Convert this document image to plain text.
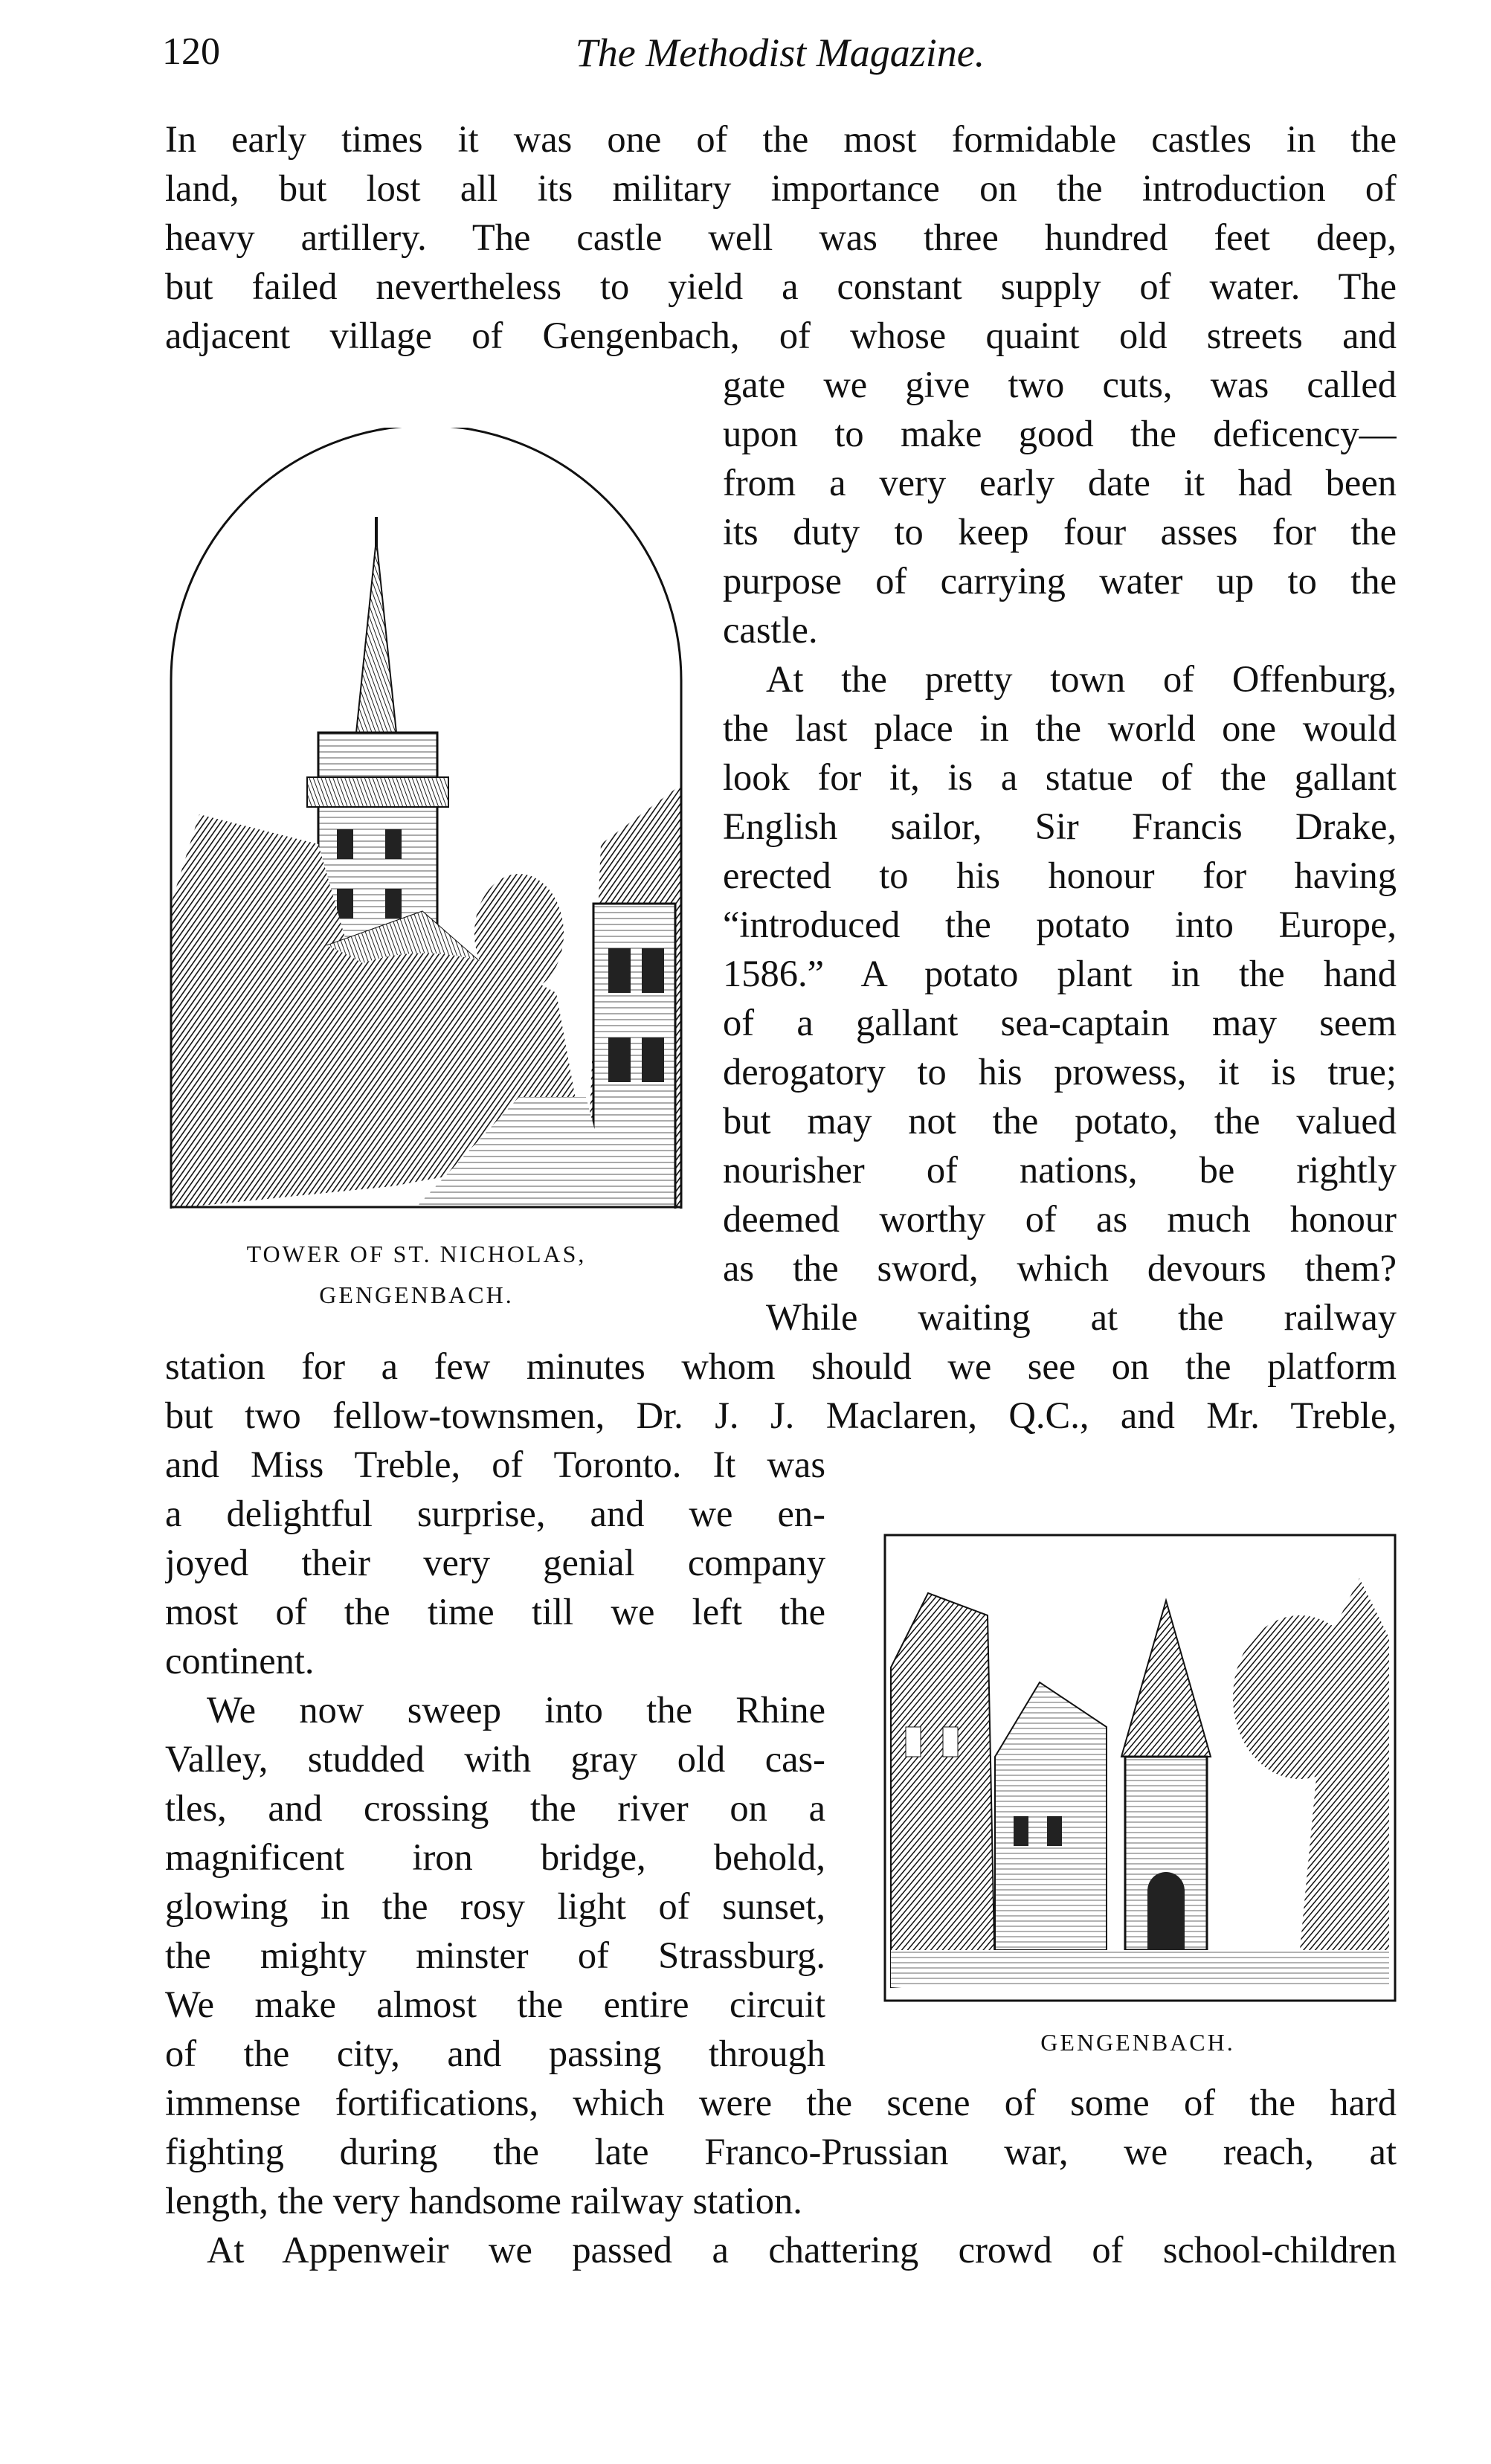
120	The Methodist Magazine.
In early times it was one of the most formidable castles in the
land, but lost all its military importance on the introduction of
heavy artillery. The castle well was three hundred feet deep,
but failed nevertheless to yield a constant supply of water. The
adjacent village of Gengenbach, of whose quaint old streets and
gate we give two cuts, was called
upon to make good the deficency—
from a very early date it had been
its duty to keep four asses for the
purpose of carrying water up to the
castle.
At the pretty town of Offenburg,
the last place in the world one would
look for it, is a statue of the gallant
English sailor, Sir Francis Drake,
erected to his honour for having
“introduced the potato into Europe,
1586.” A potato plant in the hand
of a gallant sea-captain may seem
derogatory to his prowess, it is true;
but may not the potato, the valued
nourisher of nations, be rightly
deemed worthy of as much honour
as the sword, which devours them?
While waiting at the railway
station for a few minutes whom should we see on the platform
but two fellow-townsmen, Dr. J. J. Maclaren, Q.C., and Mr. Treble,
and Miss Treble, of Toronto. It was
a delightful surprise, and we en-
joyed their very genial company
most of the time till we left the
continent.
We now sweep into the Rhine
Valley, studded with gray old cas-
tles, and crossing the river on a
magnificent iron bridge, behold,
glowing in the rosy light of sunset,
the mighty minster of Strassburg.
We make almost the entire circuit
of the city, and passing through
immense fortifications, which were the scene of some of the hard
fighting during the late Franco-Prussian war, we reach, at
length, the very handsome railway station.
At Appenweir we passed a chattering crowd of school-children
TOWER OF ST. NICHOLAS,
GENGENBACH.
GENGENBACH.
